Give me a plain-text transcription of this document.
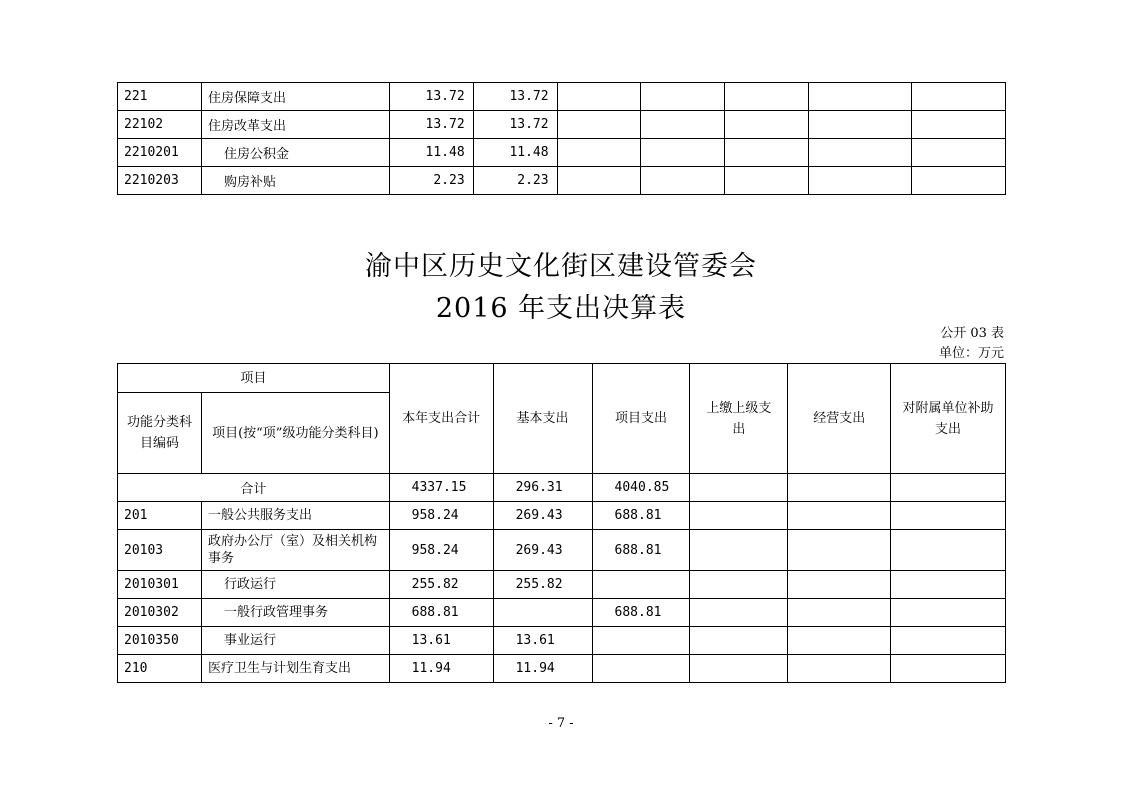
221	住房保障支出	13.72	13.72					
22102	住房改革支出	13.72	13.72					
2210201	住房公积金	11.48	11.48					
2210203	购房补贴	2.23	2.23					
渝中区历史文化街区建设管委会
2016 年支出决算表
公开 03 表
单位：万元
项目		本年支出合计	基本支出	项目支出	上缴上级支出	经营支出	对附属单位补助支出
功能分类科目编码	项目(按“项”级功能分类科目)						
合计		4337.15	296.31	4040.85			
201	一般公共服务支出	958.24	269.43	688.81			
20103	政府办公厅（室）及相关机构事务	958.24	269.43	688.81			
2010301	行政运行	255.82	255.82				
2010302	一般行政管理事务	688.81		688.81			
2010350	事业运行	13.61	13.61				
210	医疗卫生与计划生育支出	11.94	11.94				
- 7 -
